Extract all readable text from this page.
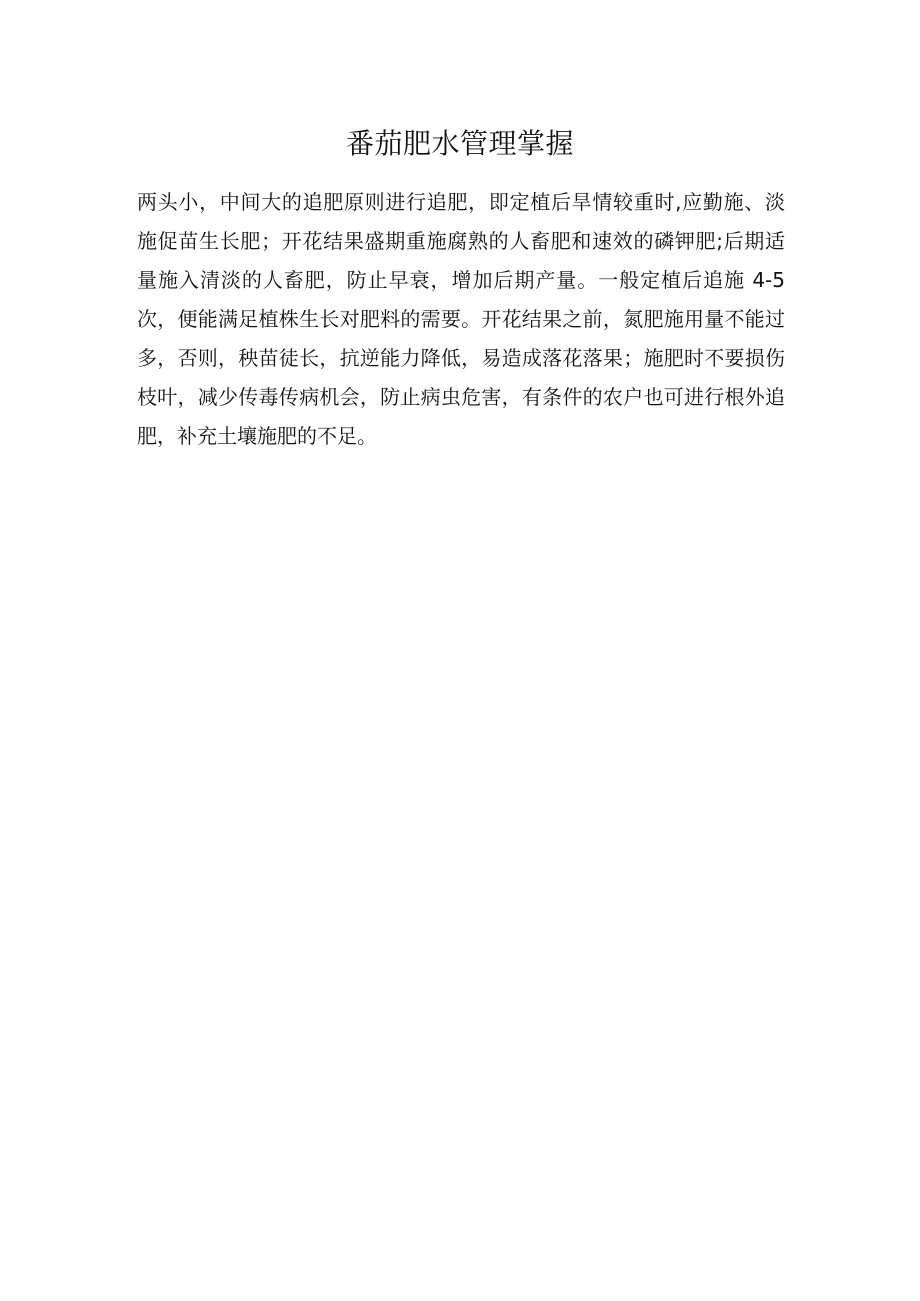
番茄肥水管理掌握
两头小，中间大的追肥原则进行追肥，即定植后旱情较重时,应勤施、淡
施促苗生长肥；开花结果盛期重施腐熟的人畜肥和速效的磷钾肥;后期适
量施入清淡的人畜肥，防止早衰，增加后期产量。一般定植后追施 4-5
次，便能满足植株生长对肥料的需要。开花结果之前，氮肥施用量不能过
多，否则，秧苗徒长，抗逆能力降低，易造成落花落果；施肥时不要损伤
枝叶，减少传毒传病机会，防止病虫危害，有条件的农户也可进行根外追
肥，补充土壤施肥的不足。
